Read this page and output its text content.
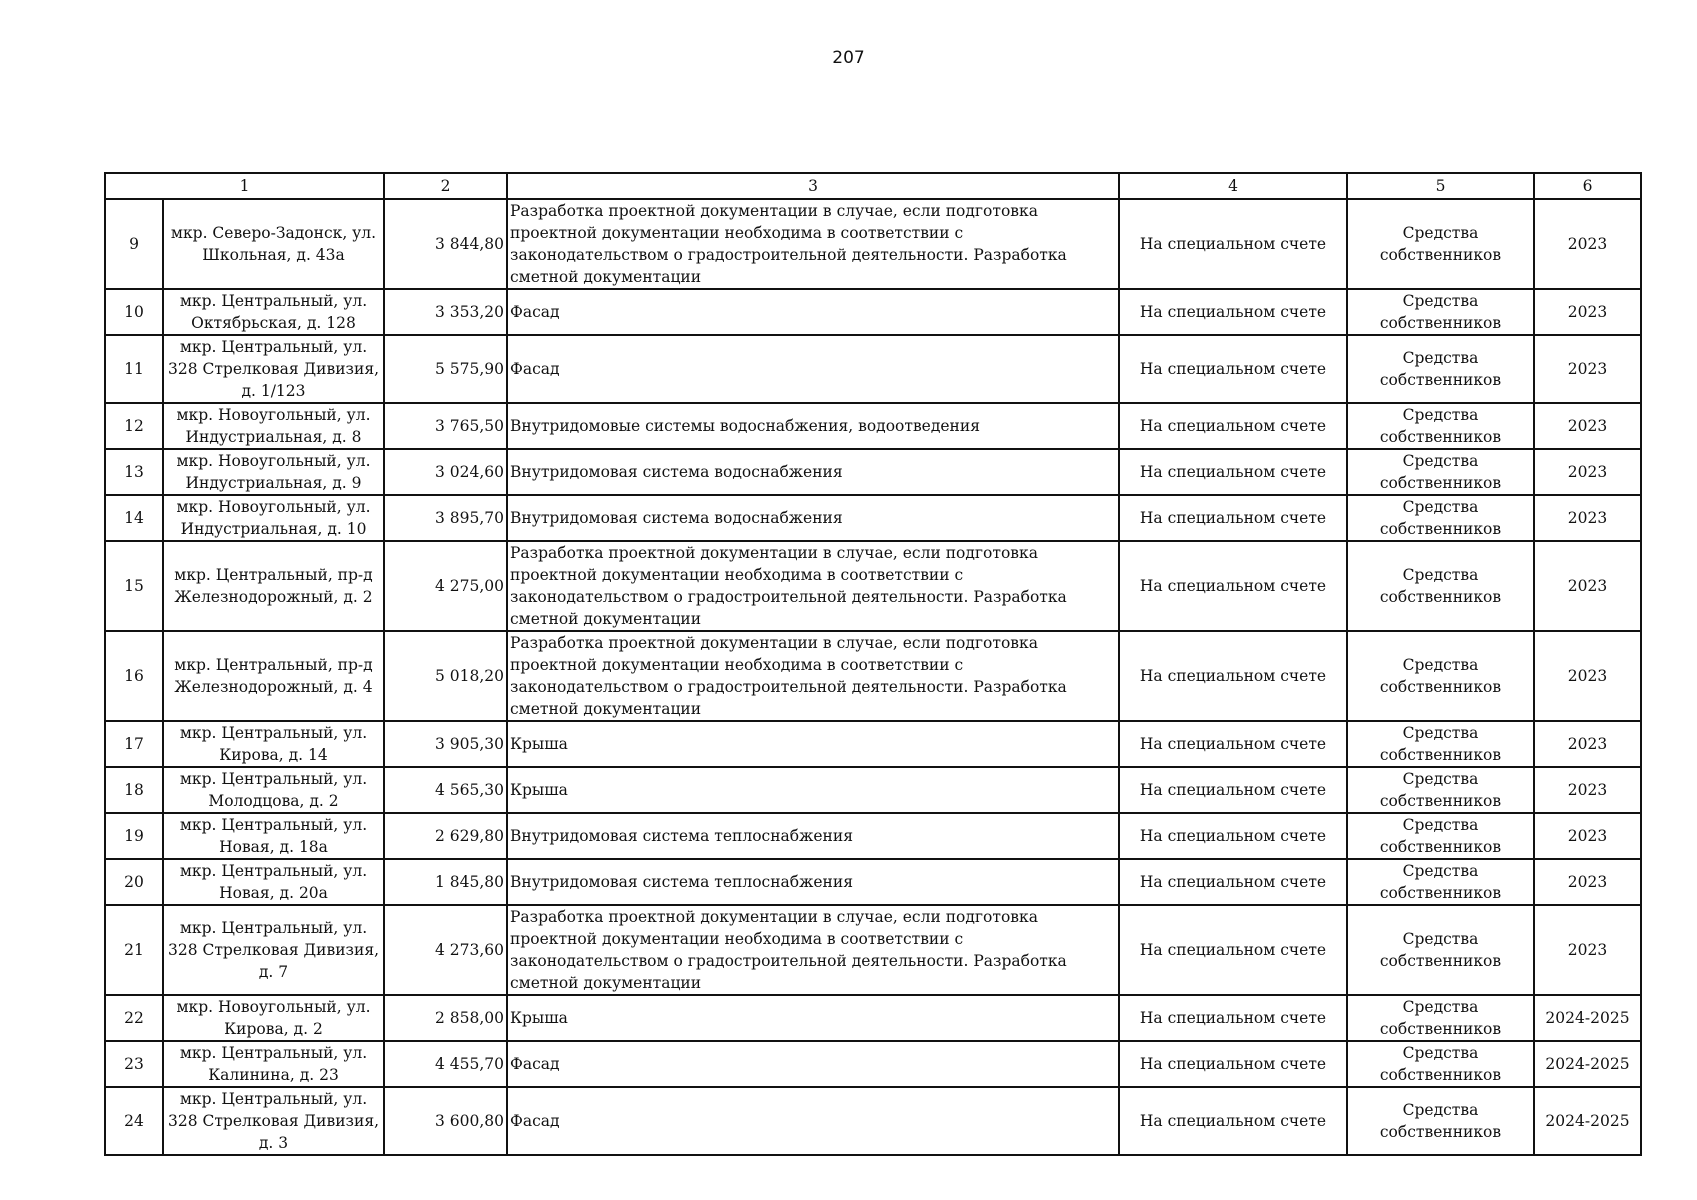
207
1		2	3	4	5	6
9	мкр. Северо-Задонск, ул. Школьная, д. 43а	3 844,80	Разработка проектной документации в случае, если подготовка проектной документации необходима в соответствии с законодательством о градостроительной деятельности. Разработка сметной документации	На специальном счете	Средства собственников	2023
10	мкр. Центральный, ул. Октябрьская, д. 128	3 353,20	Фасад	На специальном счете	Средства собственников	2023
11	мкр. Центральный, ул. 328 Стрелковая Дивизия, д. 1/123	5 575,90	Фасад	На специальном счете	Средства собственников	2023
12	мкр. Новоугольный, ул. Индустриальная, д. 8	3 765,50	Внутридомовые системы водоснабжения, водоотведения	На специальном счете	Средства собственников	2023
13	мкр. Новоугольный, ул. Индустриальная, д. 9	3 024,60	Внутридомовая система водоснабжения	На специальном счете	Средства собственников	2023
14	мкр. Новоугольный, ул. Индустриальная, д. 10	3 895,70	Внутридомовая система водоснабжения	На специальном счете	Средства собственников	2023
15	мкр. Центральный, пр-д Железнодорожный, д. 2	4 275,00	Разработка проектной документации в случае, если подготовка проектной документации необходима в соответствии с законодательством о градостроительной деятельности. Разработка сметной документации	На специальном счете	Средства собственников	2023
16	мкр. Центральный, пр-д Железнодорожный, д. 4	5 018,20	Разработка проектной документации в случае, если подготовка проектной документации необходима в соответствии с законодательством о градостроительной деятельности. Разработка сметной документации	На специальном счете	Средства собственников	2023
17	мкр. Центральный, ул. Кирова, д. 14	3 905,30	Крыша	На специальном счете	Средства собственников	2023
18	мкр. Центральный, ул. Молодцова, д. 2	4 565,30	Крыша	На специальном счете	Средства собственников	2023
19	мкр. Центральный, ул. Новая, д. 18а	2 629,80	Внутридомовая система теплоснабжения	На специальном счете	Средства собственников	2023
20	мкр. Центральный, ул. Новая, д. 20а	1 845,80	Внутридомовая система теплоснабжения	На специальном счете	Средства собственников	2023
21	мкр. Центральный, ул. 328 Стрелковая Дивизия, д. 7	4 273,60	Разработка проектной документации в случае, если подготовка проектной документации необходима в соответствии с законодательством о градостроительной деятельности. Разработка сметной документации	На специальном счете	Средства собственников	2023
22	мкр. Новоугольный, ул. Кирова, д. 2	2 858,00	Крыша	На специальном счете	Средства собственников	2024-2025
23	мкр. Центральный, ул. Калинина, д. 23	4 455,70	Фасад	На специальном счете	Средства собственников	2024-2025
24	мкр. Центральный, ул. 328 Стрелковая Дивизия, д. 3	3 600,80	Фасад	На специальном счете	Средства собственников	2024-2025
